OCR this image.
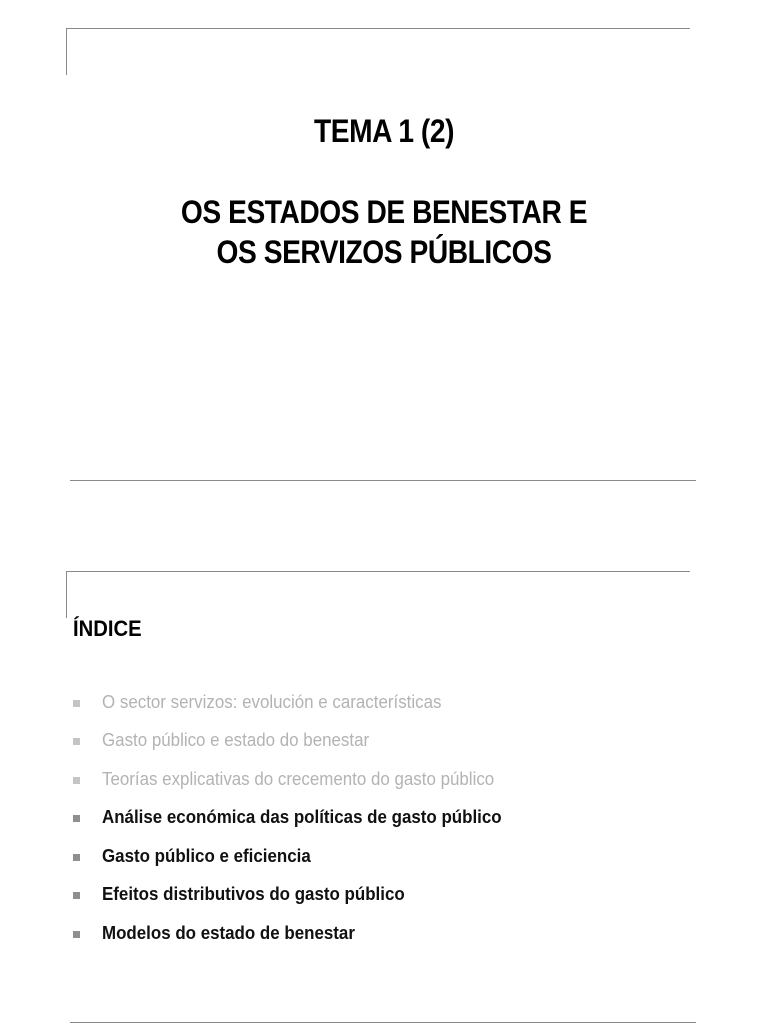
TEMA 1 (2)
OS ESTADOS DE BENESTAR E
OS SERVIZOS PÚBLICOS
ÍNDICE
O sector servizos: evolución e características
Gasto público e estado do benestar
Teorías explicativas do crecemento do gasto público
Análise económica das políticas de gasto público
Gasto público e eficiencia
Efeitos distributivos do gasto público
Modelos do estado de benestar
